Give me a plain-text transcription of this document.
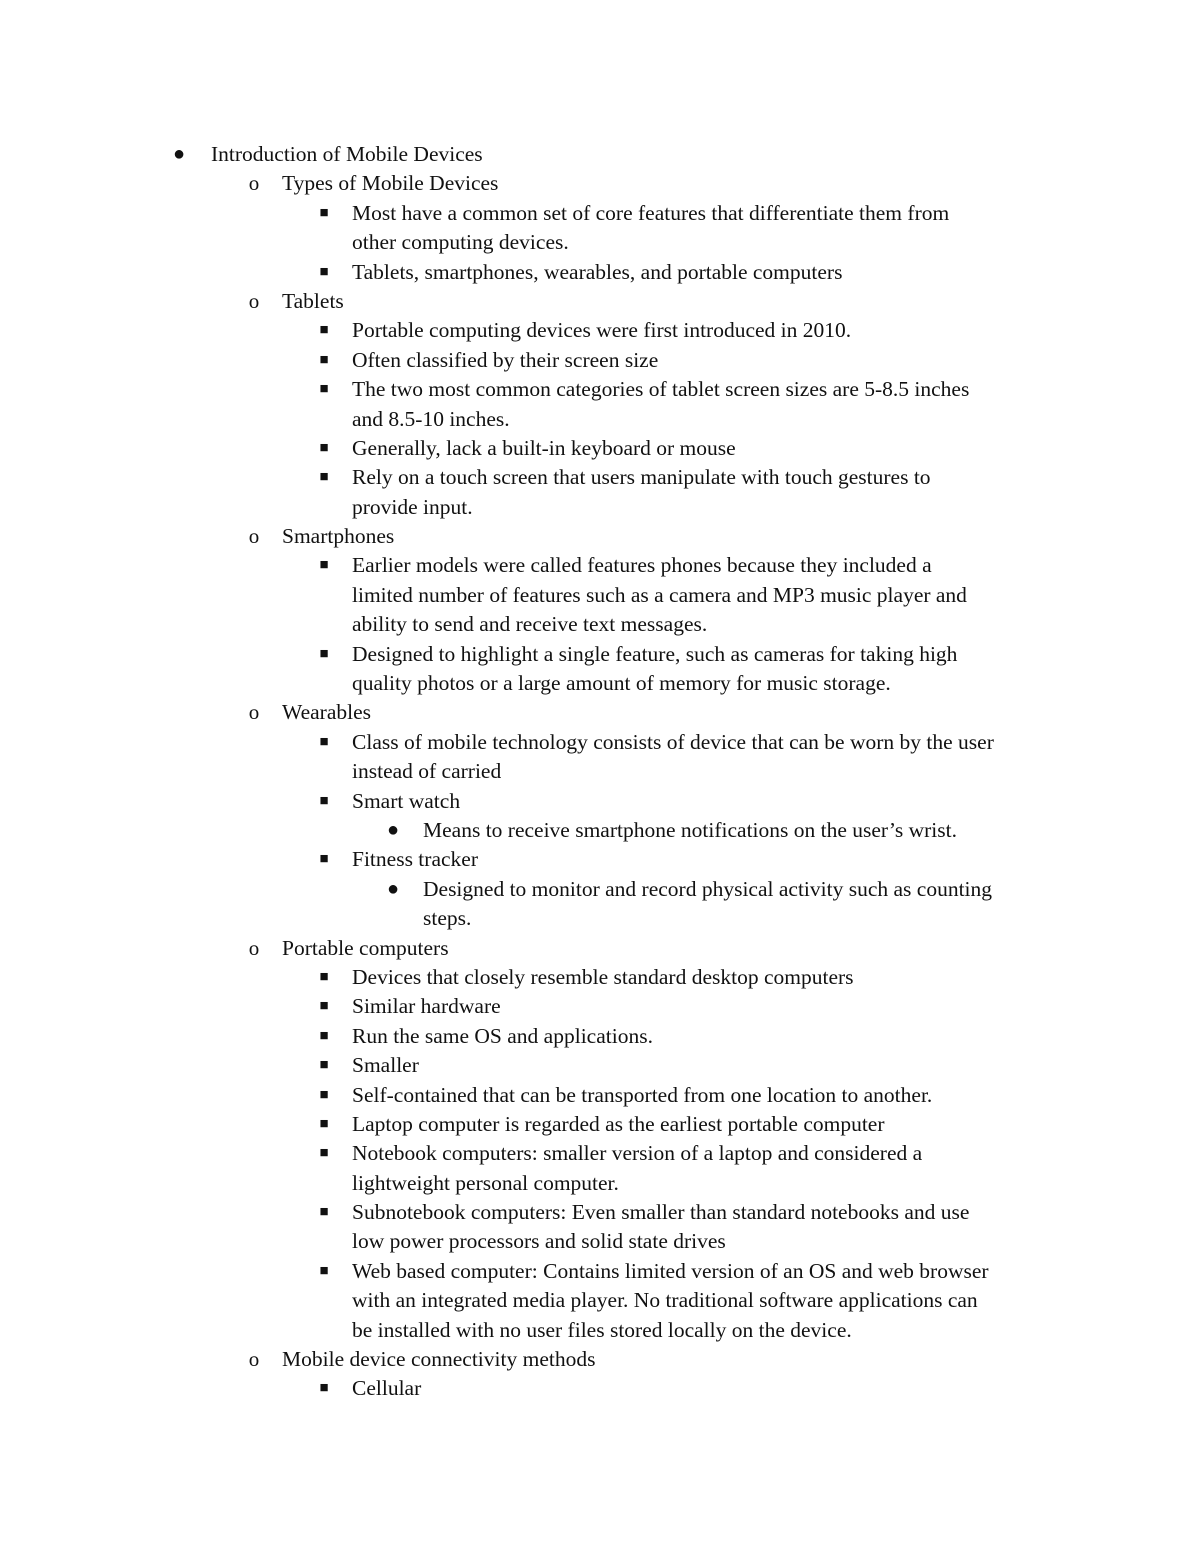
●	Introduction of Mobile Devices
o	Types of Mobile Devices
■	Most have a common set of core features that differentiate them from
other computing devices.
■	Tablets, smartphones, wearables, and portable computers
o	Tablets
■	Portable computing devices were first introduced in 2010.
■	Often classified by their screen size
■	The two most common categories of tablet screen sizes are 5-8.5 inches
and 8.5-10 inches.
■	Generally, lack a built-in keyboard or mouse
■	Rely on a touch screen that users manipulate with touch gestures to
provide input.
o	Smartphones
■	Earlier models were called features phones because they included a
limited number of features such as a camera and MP3 music player and
ability to send and receive text messages.
■	Designed to highlight a single feature, such as cameras for taking high
quality photos or a large amount of memory for music storage.
o	Wearables
■	Class of mobile technology consists of device that can be worn by the user
instead of carried
■	Smart watch
●	Means to receive smartphone notifications on the user’s wrist.
■	Fitness tracker
●	Designed to monitor and record physical activity such as counting
steps.
o	Portable computers
■	Devices that closely resemble standard desktop computers
■	Similar hardware
■	Run the same OS and applications.
■	Smaller
■	Self-contained that can be transported from one location to another.
■	Laptop computer is regarded as the earliest portable computer
■	Notebook computers: smaller version of a laptop and considered a
lightweight personal computer.
■	Subnotebook computers: Even smaller than standard notebooks and use
low power processors and solid state drives
■	Web based computer: Contains limited version of an OS and web browser
with an integrated media player. No traditional software applications can
be installed with no user files stored locally on the device.
o	Mobile device connectivity methods
■	Cellular
